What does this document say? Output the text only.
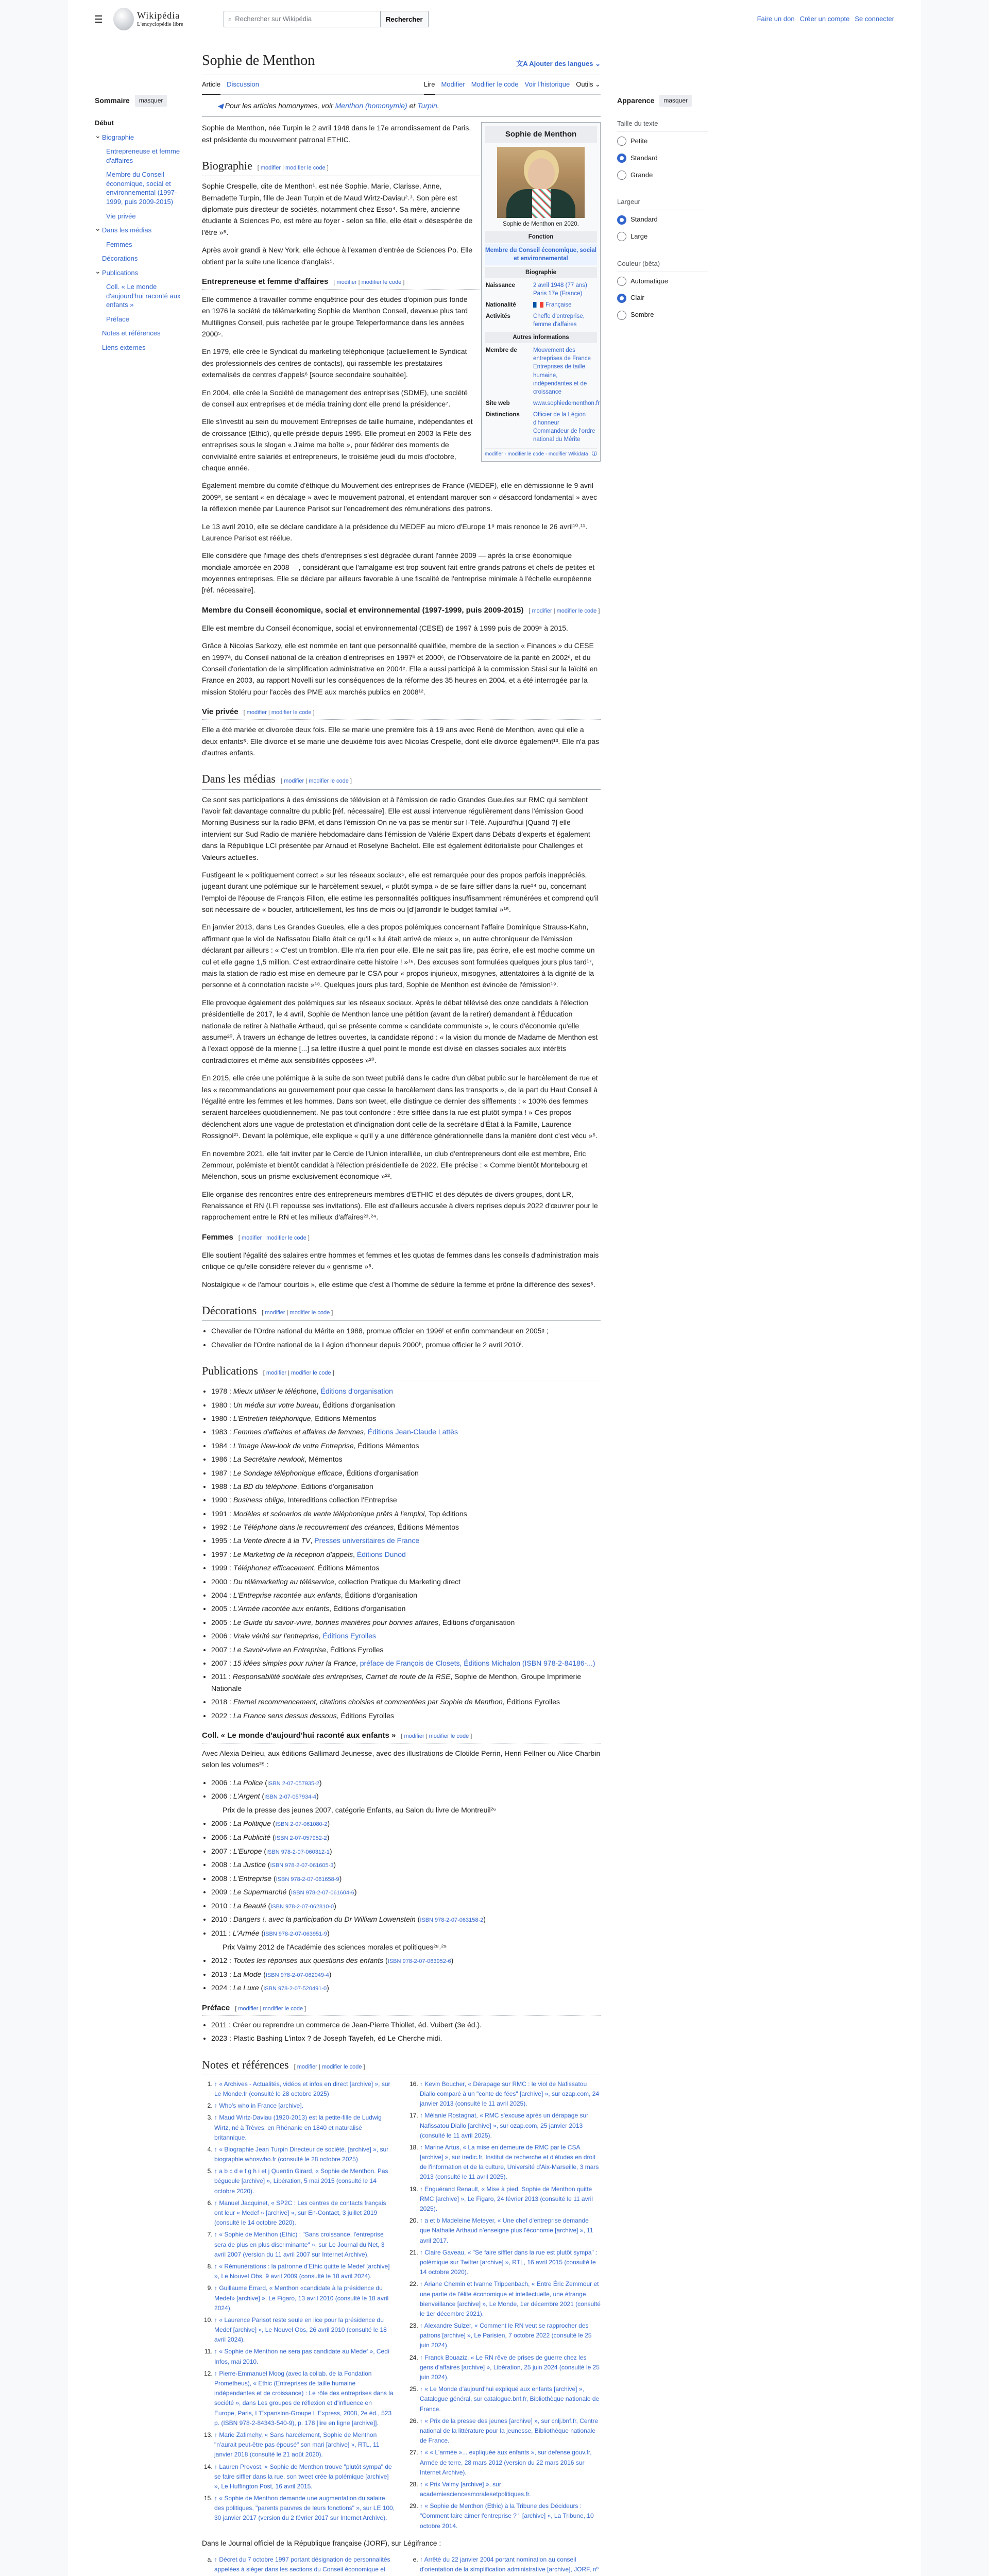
Wikipédia
L'encyclopédie libre
⌕ Rechercher sur Wikipédia	Rechercher	Faire un don Créer un compte Se connecter
Sommaire	masquer
Début
⌄ Biographie
Entrepreneuse et femme d'affaires
Membre du Conseil économique, social et environnemental (1997-1999, puis 2009-2015)
Vie privée
⌄ Dans les médias
Femmes
Décorations
⌄ Publications
Coll. « Le monde d'aujourd'hui raconté aux enfants »
Préface
Notes et références
Liens externes
Sophie de Menthon	文A Ajouter des langues ⌄
Article Discussion	Lire Modifier Modifier le code Voir l'historique Outils ⌄
◀ Pour les articles homonymes, voir Menthon (homonymie) et Turpin.
Sophie de Menthon
Sophie de Menthon en 2020.
Fonction
Membre du Conseil économique, social et environnemental
Biographie
Naissance	2 avril 1948 (77 ans)
Paris 17e (France)

Nationalité	Française

Activités	Cheffe d'entreprise, femme d'affaires

Autres informations
Membre de	Mouvement des entreprises de France
Entreprises de taille humaine, indépendantes et de croissance

Site web	www.sophiedementhon.fr

Distinctions	Officier de la Légion d'honneur
Commandeur de l'ordre national du Mérite

modifier - modifier le code - modifier Wikidata ⓘ

Sophie de Menthon, née Turpin le 2 avril 1948 dans le 17e arrondissement de Paris, est présidente du mouvement patronal ETHIC.

Biographie [ modifier | modifier le code ]

Sophie Crespelle, dite de Menthon¹, est née Sophie, Marie, Clarisse, Anne, Bernadette Turpin, fille de Jean Turpin et de Maud Wirtz-Daviau²˒³. Son père est diplomate puis directeur de sociétés, notamment chez Esso⁴. Sa mère, ancienne étudiante à Sciences Po, est mère au foyer - selon sa fille, elle était « désespérée de l'être »⁵.

Après avoir grandi à New York, elle échoue à l'examen d'entrée de Sciences Po. Elle obtient par la suite une licence d'anglais⁵.

Entrepreneuse et femme d'affaires [ modifier | modifier le code ]

Elle commence à travailler comme enquêtrice pour des études d'opinion puis fonde en 1976 la société de télémarketing Sophie de Menthon Conseil, devenue plus tard Multilignes Conseil, puis rachetée par le groupe Teleperformance dans les années 2000⁵.

En 1979, elle crée le Syndicat du marketing téléphonique (actuellement le Syndicat des professionnels des centres de contacts), qui rassemble les prestataires externalisés de centres d'appels⁶ [source secondaire souhaitée].

En 2004, elle crée la Société de management des entreprises (SDME), une société de conseil aux entreprises et de média training dont elle prend la présidence⁷.

Elle s'investit au sein du mouvement Entreprises de taille humaine, indépendantes et de croissance (Ethic), qu'elle préside depuis 1995. Elle promeut en 2003 la Fête des entreprises sous le slogan « J'aime ma boîte », pour fédérer des moments de convivialité entre salariés et entrepreneurs, le troisième jeudi du mois d'octobre, chaque année.

Également membre du comité d'éthique du Mouvement des entreprises de France (MEDEF), elle en démissionne le 9 avril 2009⁸, se sentant « en décalage » avec le mouvement patronal, et entendant marquer son « désaccord fondamental » avec la réflexion menée par Laurence Parisot sur l'encadrement des rémunérations des patrons.

Le 13 avril 2010, elle se déclare candidate à la présidence du MEDEF au micro d'Europe 1⁹ mais renonce le 26 avril¹⁰˒¹¹. Laurence Parisot est réélue.

Elle considère que l'image des chefs d'entreprises s'est dégradée durant l'année 2009 — après la crise économique mondiale amorcée en 2008 —, considérant que l'amalgame est trop souvent fait entre grands patrons et chefs de petites et moyennes entreprises. Elle se déclare par ailleurs favorable à une fiscalité de l'entreprise minimale à l'échelle européenne [réf. nécessaire].

Membre du Conseil économique, social et environnemental (1997-1999, puis 2009-2015) [ modifier | modifier le code ]

Elle est membre du Conseil économique, social et environnemental (CESE) de 1997 à 1999 puis de 2009⁵ à 2015.

Grâce à Nicolas Sarkozy, elle est nommée en tant que personnalité qualifiée, membre de la section « Finances » du CESE en 1997ᵃ, du Conseil national de la création d'entreprises en 1997ᵇ et 2000ᶜ, de l'Observatoire de la parité en 2002ᵈ, et du Conseil d'orientation de la simplification administrative en 2004ᵉ. Elle a aussi participé à la commission Stasi sur la laïcité en France en 2003, au rapport Novelli sur les conséquences de la réforme des 35 heures en 2004, et a été interrogée par la mission Stoléru pour l'accès des PME aux marchés publics en 2008¹².

Vie privée [ modifier | modifier le code ]

Elle a été mariée et divorcée deux fois. Elle se marie une première fois à 19 ans avec René de Menthon, avec qui elle a deux enfants⁵. Elle divorce et se marie une deuxième fois avec Nicolas Crespelle, dont elle divorce également¹³. Elle n'a pas d'autres enfants.

Dans les médias [ modifier | modifier le code ]

Ce sont ses participations à des émissions de télévision et à l'émission de radio Grandes Gueules sur RMC qui semblent l'avoir fait davantage connaître du public [réf. nécessaire]. Elle est aussi intervenue régulièrement dans l'émission Good Morning Business sur la radio BFM, et dans l'émission On ne va pas se mentir sur I-Télé. Aujourd'hui [Quand ?] elle intervient sur Sud Radio de manière hebdomadaire dans l'émission de Valérie Expert dans Débats d'experts et également dans la République LCI présentée par Arnaud et Roselyne Bachelot. Elle est également éditorialiste pour Challenges et Valeurs actuelles.

Fustigeant le « politiquement correct » sur les réseaux sociaux⁵, elle est remarquée pour des propos parfois inappréciés, jugeant durant une polémique sur le harcèlement sexuel, « plutôt sympa » de se faire siffler dans la rue¹⁴ ou, concernant l'emploi de l'épouse de François Fillon, elle estime les personnalités politiques insuffisamment rémunérées et comprend qu'il soit nécessaire de « boucler, artificiellement, les fins de mois ou [d']arrondir le budget familial »¹⁵.

En janvier 2013, dans Les Grandes Gueules, elle a des propos polémiques concernant l'affaire Dominique Strauss-Kahn, affirmant que le viol de Nafissatou Diallo était ce qu'il « lui était arrivé de mieux », un autre chroniqueur de l'émission déclarant par ailleurs : « C'est un tromblon. Elle n'a rien pour elle. Elle ne sait pas lire, pas écrire, elle est moche comme un cul et elle gagne 1,5 million. C'est extraordinaire cette histoire ! »¹⁶. Des excuses sont formulées quelques jours plus tard¹⁷, mais la station de radio est mise en demeure par le CSA pour « propos injurieux, misogynes, attentatoires à la dignité de la personne et à connotation raciste »¹⁸. Quelques jours plus tard, Sophie de Menthon est évincée de l'émission¹⁹.

Elle provoque également des polémiques sur les réseaux sociaux. Après le débat télévisé des onze candidats à l'élection présidentielle de 2017, le 4 avril, Sophie de Menthon lance une pétition (avant de la retirer) demandant à l'Éducation nationale de retirer à Nathalie Arthaud, qui se présente comme « candidate communiste », le cours d'économie qu'elle assume²⁰. À travers un échange de lettres ouvertes, la candidate répond : « la vision du monde de Madame de Menthon est à l'exact opposé de la mienne [...] sa lettre illustre à quel point le monde est divisé en classes sociales aux intérêts contradictoires et même aux sensibilités opposées »²⁰.

En 2015, elle crée une polémique à la suite de son tweet publié dans le cadre d'un débat public sur le harcèlement de rue et les « recommandations au gouvernement pour que cesse le harcèlement dans les transports », de la part du Haut Conseil à l'égalité entre les femmes et les hommes. Dans son tweet, elle distingue ce dernier des sifflements : « 100% des femmes seraient harcelées quotidiennement. Ne pas tout confondre : être sifflée dans la rue est plutôt sympa ! » Ces propos déclenchent alors une vague de protestation et d'indignation dont celle de la secrétaire d'État à la Famille, Laurence Rossignol²¹. Devant la polémique, elle explique « qu'il y a une différence générationnelle dans la manière dont c'est vécu »⁵.

En novembre 2021, elle fait inviter par le Cercle de l'Union interalliée, un club d'entrepreneurs dont elle est membre, Éric Zemmour, polémiste et bientôt candidat à l'élection présidentielle de 2022. Elle précise : « Comme bientôt Montebourg et Mélenchon, sous un prisme exclusivement économique »²².

Elle organise des rencontres entre des entrepreneurs membres d'ETHIC et des députés de divers groupes, dont LR, Renaissance et RN (LFI repousse ses invitations). Elle est d'ailleurs accusée à divers reprises depuis 2022 d'œuvrer pour le rapprochement entre le RN et les milieux d'affaires²³˒²⁴.

Femmes [ modifier | modifier le code ]

Elle soutient l'égalité des salaires entre hommes et femmes et les quotas de femmes dans les conseils d'administration mais critique ce qu'elle considère relever du « genrisme »⁵.

Nostalgique « de l'amour courtois », elle estime que c'est à l'homme de séduire la femme et prône la différence des sexes⁵.

Décorations [ modifier | modifier le code ]
• Chevalier de l'Ordre national du Mérite en 1988, promue officier en 1996ᶠ et enfin commandeur en 2005ᵍ ;
• Chevalier de l'Ordre national de la Légion d'honneur depuis 2000ʰ, promue officier le 2 avril 2010ⁱ.
Publications [ modifier | modifier le code ]
• 1978 : Mieux utiliser le téléphone, Éditions d'organisation
• 1980 : Un média sur votre bureau, Éditions d'organisation
• 1980 : L'Entretien téléphonique, Éditions Mémentos
• 1983 : Femmes d'affaires et affaires de femmes, Éditions Jean-Claude Lattès
• 1984 : L'Image New-look de votre Entreprise, Éditions Mémentos
• 1986 : La Secrétaire newlook, Mémentos
• 1987 : Le Sondage téléphonique efficace, Éditions d'organisation
• 1988 : La BD du téléphone, Éditions d'organisation
• 1990 : Business oblige, Intereditions collection l'Entreprise
• 1991 : Modèles et scénarios de vente téléphonique prêts à l'emploi, Top éditions
• 1992 : Le Téléphone dans le recouvrement des créances, Éditions Mémentos
• 1995 : La Vente directe à la TV, Presses universitaires de France
• 1997 : Le Marketing de la réception d'appels, Éditions Dunod
• 1999 : Téléphonez efficacement, Éditions Mémentos
• 2000 : Du télémarketing au téléservice, collection Pratique du Marketing direct
• 2004 : L'Entreprise racontée aux enfants, Éditions d'organisation
• 2005 : L'Armée racontée aux enfants, Éditions d'organisation
• 2005 : Le Guide du savoir-vivre, bonnes manières pour bonnes affaires, Éditions d'organisation
• 2006 : Vraie vérité sur l'entreprise, Éditions Eyrolles
• 2007 : Le Savoir-vivre en Entreprise, Éditions Eyrolles
• 2007 : 15 idées simples pour ruiner la France, préface de François de Closets, Éditions Michalon (ISBN 978-2-84186-...)
• 2011 : Responsabilité sociétale des entreprises, Carnet de route de la RSE, Sophie de Menthon, Groupe Imprimerie Nationale
• 2018 : Eternel recommencement, citations choisies et commentées par Sophie de Menthon, Éditions Eyrolles
• 2022 : La France sens dessus dessous, Éditions Eyrolles
Coll. « Le monde d'aujourd'hui raconté aux enfants » [ modifier | modifier le code ]

Avec Alexia Delrieu, aux éditions Gallimard Jeunesse, avec des illustrations de Clotilde Perrin, Henri Fellner ou Alice Charbin selon les volumes²⁵ :

• 2006 : La Police (ISBN 2-07-057935-2)
• 2006 : L'Argent (ISBN 2-07-057934-4)
Prix de la presse des jeunes 2007, catégorie Enfants, au Salon du livre de Montreuil²⁶
• 2006 : La Politique (ISBN 2-07-061080-2)
• 2006 : La Publicité (ISBN 2-07-057952-2)
• 2007 : L'Europe (ISBN 978-2-07-060312-1)
• 2008 : La Justice (ISBN 978-2-07-061605-3)
• 2008 : L'Entreprise (ISBN 978-2-07-061658-9)
• 2009 : Le Supermarché (ISBN 978-2-07-061604-6)
• 2010 : La Beauté (ISBN 978-2-07-062810-0)
• 2010 : Dangers !, avec la participation du Dr William Lowenstein (ISBN 978-2-07-063158-2)
• 2011 : L'Armée (ISBN 978-2-07-063951-9)
Prix Valmy 2012 de l'Académie des sciences morales et politiques²⁸˒²⁹
• 2012 : Toutes les réponses aux questions des enfants (ISBN 978-2-07-063952-6)
• 2013 : La Mode (ISBN 978-2-07-062049-4)
• 2024 : Le Luxe (ISBN 978-2-07-520491-0)
Préface [ modifier | modifier le code ]
• 2011 : Créer ou reprendre un commerce de Jean-Pierre Thiollet, éd. Vuibert (3e éd.).
• 2023 : Plastic Bashing L'intox ? de Joseph Tayefeh, éd Le Cherche midi.
Notes et références [ modifier | modifier le code ]
1. ↑ « Archives - Actualités, vidéos et infos en direct [archive] », sur Le Monde.fr (consulté le 28 octobre 2025)
2. ↑ Who's who in France [archive].
3. ↑ Maud Wirtz-Daviau (1920-2013) est la petite-fille de Ludwig Wirtz, né à Trèves, en Rhénanie en 1840 et naturalisé britannique.
4. ↑ « Biographie Jean Turpin Directeur de société. [archive] », sur biographie.whoswho.fr (consulté le 28 octobre 2025)
5. ↑ a b c d e f g h i et j Quentin Girard, « Sophie de Menthon. Pas bégueule [archive] », Libération, 5 mai 2015 (consulté le 14 octobre 2020).
6. ↑ Manuel Jacquinet, « SP2C : Les centres de contacts français ont leur « Medef » [archive] », sur En-Contact, 3 juillet 2019 (consulté le 14 octobre 2020).
7. ↑ « Sophie de Menthon (Ethic) : "Sans croissance, l'entreprise sera de plus en plus discriminante" », sur Le Journal du Net, 3 avril 2007 (version du 11 avril 2007 sur Internet Archive).
8. ↑ « Rémunérations : la patronne d'Ethic quitte le Medef [archive] », Le Nouvel Obs, 9 avril 2009 (consulté le 18 avril 2024).
9. ↑ Guillaume Errard, « Menthon «candidate à la présidence du Medef» [archive] », Le Figaro, 13 avril 2010 (consulté le 18 avril 2024).
10. ↑ « Laurence Parisot reste seule en lice pour la présidence du Medef [archive] », Le Nouvel Obs, 26 avril 2010 (consulté le 18 avril 2024).
11. ↑ « Sophie de Menthon ne sera pas candidate au Medef », Cedi Infos, mai 2010.
12. ↑ Pierre-Emmanuel Moog (avec la collab. de la Fondation Prometheus), « Ethic (Entreprises de taille humaine indépendantes et de croissance) : Le rôle des entreprises dans la société », dans Les groupes de réflexion et d'influence en Europe, Paris, L'Expansion-Groupe L'Express, 2008, 2e éd., 523 p. (ISBN 978-2-84343-540-9), p. 178 [lire en ligne [archive]].
13. ↑ Marie Zafimehy, « Sans harcèlement, Sophie de Menthon "n'aurait peut-être pas épousé" son mari [archive] », RTL, 11 janvier 2018 (consulté le 21 août 2020).
14. ↑ Lauren Provost, « Sophie de Menthon trouve "plutôt sympa" de se faire siffler dans la rue, son tweet crée la polémique [archive] », Le Huffington Post, 16 avril 2015.
15. ↑ « Sophie de Menthon demande une augmentation du salaire des politiques, "parents pauvres de leurs fonctions" », sur LE 100, 30 janvier 2017 (version du 2 février 2017 sur Internet Archive).
16. ↑ Kevin Boucher, « Dérapage sur RMC : le viol de Nafissatou Diallo comparé à un "conte de fées" [archive] », sur ozap.com, 24 janvier 2013 (consulté le 11 avril 2025).
17. ↑ Mélanie Rostagnat, « RMC s'excuse après un dérapage sur Nafissatou Diallo [archive] », sur ozap.com, 25 janvier 2013 (consulté le 11 avril 2025).
18. ↑ Marine Artus, « La mise en demeure de RMC par le CSA [archive] », sur iredic.fr, Institut de recherche et d'études en droit de l'information et de la culture, Université d'Aix-Marseille, 3 mars 2013 (consulté le 11 avril 2025).
19. ↑ Enguérand Renault, « Mise à pied, Sophie de Menthon quitte RMC [archive] », Le Figaro, 24 février 2013 (consulté le 11 avril 2025).
20. ↑ a et b Madeleine Meteyer, « Une chef d'entreprise demande que Nathalie Arthaud n'enseigne plus l'économie [archive] », 11 avril 2017.
21. ↑ Claire Gaveau, « "Se faire siffler dans la rue est plutôt sympa" : polémique sur Twitter [archive] », RTL, 16 avril 2015 (consulté le 14 octobre 2020).
22. ↑ Ariane Chemin et Ivanne Trippenbach, « Entre Éric Zemmour et une partie de l'élite économique et intellectuelle, une étrange bienveillance [archive] », Le Monde, 1er décembre 2021 (consulté le 1er décembre 2021).
23. ↑ Alexandre Sulzer, « Comment le RN veut se rapprocher des patrons [archive] », Le Parisien, 7 octobre 2022 (consulté le 25 juin 2024).
24. ↑ Franck Bouaziz, « Le RN rêve de prises de guerre chez les gens d'affaires [archive] », Libération, 25 juin 2024 (consulté le 25 juin 2024).
25. ↑ « Le Monde d'aujourd'hui expliqué aux enfants [archive] », Catalogue général, sur catalogue.bnf.fr, Bibliothèque nationale de France.
26. ↑ « Prix de la presse des jeunes [archive] », sur cnlj.bnf.fr, Centre national de la littérature pour la jeunesse, Bibliothèque nationale de France.
27. ↑ « « L'armée »... expliquée aux enfants », sur defense.gouv.fr, Armée de terre, 28 mars 2012 (version du 22 mars 2016 sur Internet Archive).
28. ↑ « Prix Valmy [archive] », sur academiesciencesmoralesetpolitiques.fr.
29. ↑ « Sophie de Menthon (Ethic) à la Tribune des Décideurs : "Comment faire aimer l'entreprise ? " [archive] », La Tribune, 10 octobre 2014.

Dans le Journal officiel de la République française (JORF), sur Légifrance :

a. ↑ Décret du 7 octobre 1997 portant désignation de personnalités appelées à siéger dans les sections du Conseil économique et
e. ↑ Arrêté du 22 janvier 2004 portant nomination au conseil d'orientation de la simplification administrative [archive], JORF, nº
Apparence	masquer
Taille du texte
Petite
Standard
Grande
Largeur
Standard
Large
Couleur (bêta)
Automatique
Clair
Sombre
